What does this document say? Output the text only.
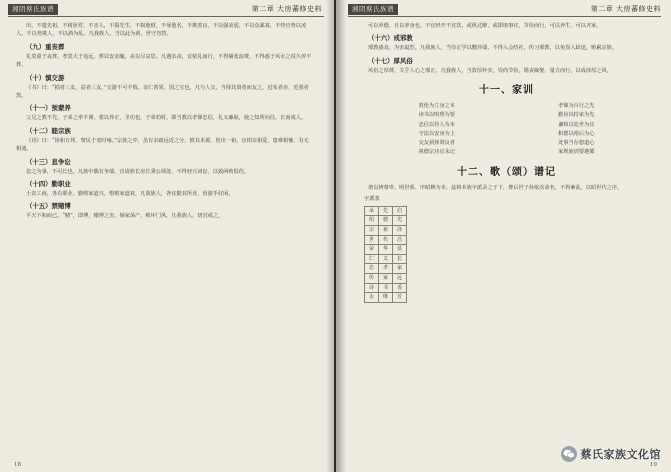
湘阴蔡氏族谱	第二章 大房蕃修史料

出，不遗先祖，不树匪党，不害人，不损先生，不损他财，不辱他名，不欺善良，不以强凌弱，不以众暴寡，不恃官势以凌人。不以势欺人，不以酒为乱。凡我族人，当以此为训，世守勿替。

（九）重丧葬

礼莫重于丧葬，孝莫大于追远。葬以安亲魄，丧以尽哀思。凡遇亲丧，宜依礼而行，不得铺张浪费，不得惑于风水之说久停不葬。

（十）慎交游

《书》曰：“损者三友，益者三友。”交游不可不慎。亲仁善邻，国之宝也。凡与人交，当择其贤者而友之，近朱者赤，近墨者黑。

（十一）预蒙养

父兄之教不先，子弟之率不谨。蒙以养正，圣功也。子弟幼时，即当教以孝悌忠信，礼义廉耻，使之知所向往，长而成人。

（十二）睦宗族

《诗》曰：“协和万邦，黎民于变时雍。”宗族之中，虽有亲疏远近之分，推其本源，皆出一祖。宜相亲相爱，患难相恤，有无相通。

（十三）息争讼

讼之为事，不可长也。凡族中偶有争端，宜请族长房长秉公调处，不得轻兴词讼，以致两败俱伤。

（十四）勤职业

士农工商，各有职业。勤则家道兴，惰则家道衰。凡我族人，各宜勤其所业，毋游手好闲。

（十五）禁赌博

平天下和而已。“赌”，即博，赌博之害，倾家荡产，败坏门风，凡我族人，切宜戒之。

18
湘阴蔡氏族谱	第二章 大房蕃修史料

可以养德，且以养身也。不宜轻开不宜饮，或纵过醉，或即诸事宜，节俭而行，可以养生，可以齐家。

（十六）戒邪教

邪教惑众，为害最烈。凡我族人，当崇正学以黜异端，不得入会结社，传习邪教，以免误入歧途，贻累宗族。

（十七）厚风俗

风俗之厚薄，关乎人心之邪正。凡我族人，当敦厚朴实，崇尚节俭，婚丧嫁娶，量力而行，以成淳厚之风。

十一、家训
敦伦为立身之本	孝悌为百行之先
读书以明理为要	勤俭以持家为先
忠信以待人为本	谦和以处世为宜
守法以安身为上	积德以裕后为心
交友须择贤良者	处事当存恕道心
祖德宗功宜永记	家规族训要遵循
十二、歌（颂）谱记

谱以辨尊卑、明世系、序昭穆为本。兹将本族字派录之于下，俾后世子孙依次命名，不得紊乱，以昭世代之序。

字派表
承	先	启
绍	德	光
宗	祖	泽
世	代	昌
荣	华	显
仁	义	长
忠	孝	家
传	家	远
诗	书	香
永	继	芳
19
蔡氏家族文化馆
